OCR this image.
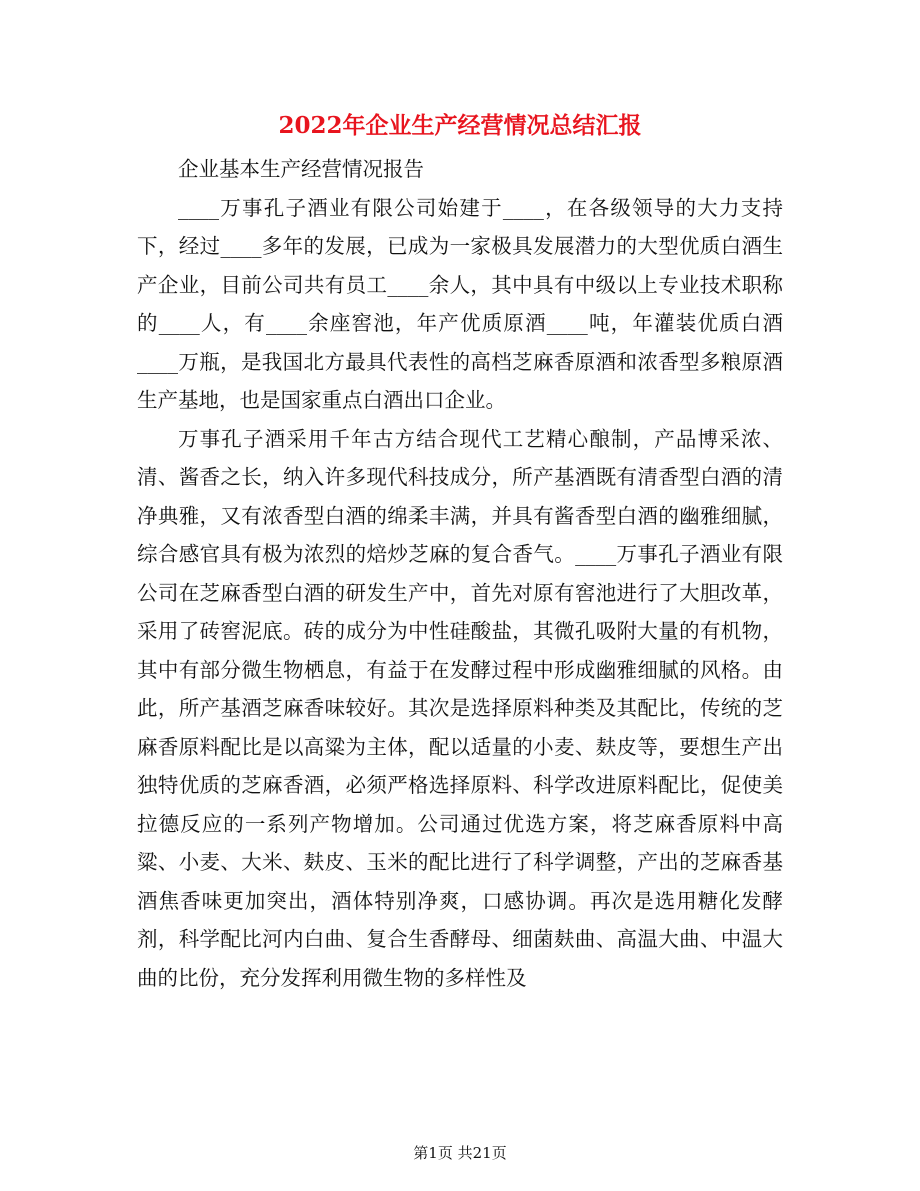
2022年企业生产经营情况总结汇报

企业基本生产经营情况报告

____万事孔子酒业有限公司始建于____，在各级领导的大力支持下，经过____多年的发展，已成为一家极具发展潜力的大型优质白酒生产企业，目前公司共有员工____余人，其中具有中级以上专业技术职称的____人，有____余座窖池，年产优质原酒____吨，年灌装优质白酒____万瓶，是我国北方最具代表性的高档芝麻香原酒和浓香型多粮原酒生产基地，也是国家重点白酒出口企业。

万事孔子酒采用千年古方结合现代工艺精心酿制，产品博采浓、清、酱香之长，纳入许多现代科技成分，所产基酒既有清香型白酒的清净典雅，又有浓香型白酒的绵柔丰满，并具有酱香型白酒的幽雅细腻，综合感官具有极为浓烈的焙炒芝麻的复合香气。____万事孔子酒业有限公司在芝麻香型白酒的研发生产中，首先对原有窖池进行了大胆改革，采用了砖窖泥底。砖的成分为中性硅酸盐，其微孔吸附大量的有机物，其中有部分微生物栖息，有益于在发酵过程中形成幽雅细腻的风格。由此，所产基酒芝麻香味较好。其次是选择原料种类及其配比，传统的芝麻香原料配比是以高粱为主体，配以适量的小麦、麸皮等，要想生产出独特优质的芝麻香酒，必须严格选择原料、科学改进原料配比，促使美拉德反应的一系列产物增加。公司通过优选方案，将芝麻香原料中高粱、小麦、大米、麸皮、玉米的配比进行了科学调整，产出的芝麻香基酒焦香味更加突出，酒体特别净爽，口感协调。再次是选用糖化发酵剂，科学配比河内白曲、复合生香酵母、细菌麸曲、高温大曲、中温大曲的比份，充分发挥利用微生物的多样性及

第1页 共21页
